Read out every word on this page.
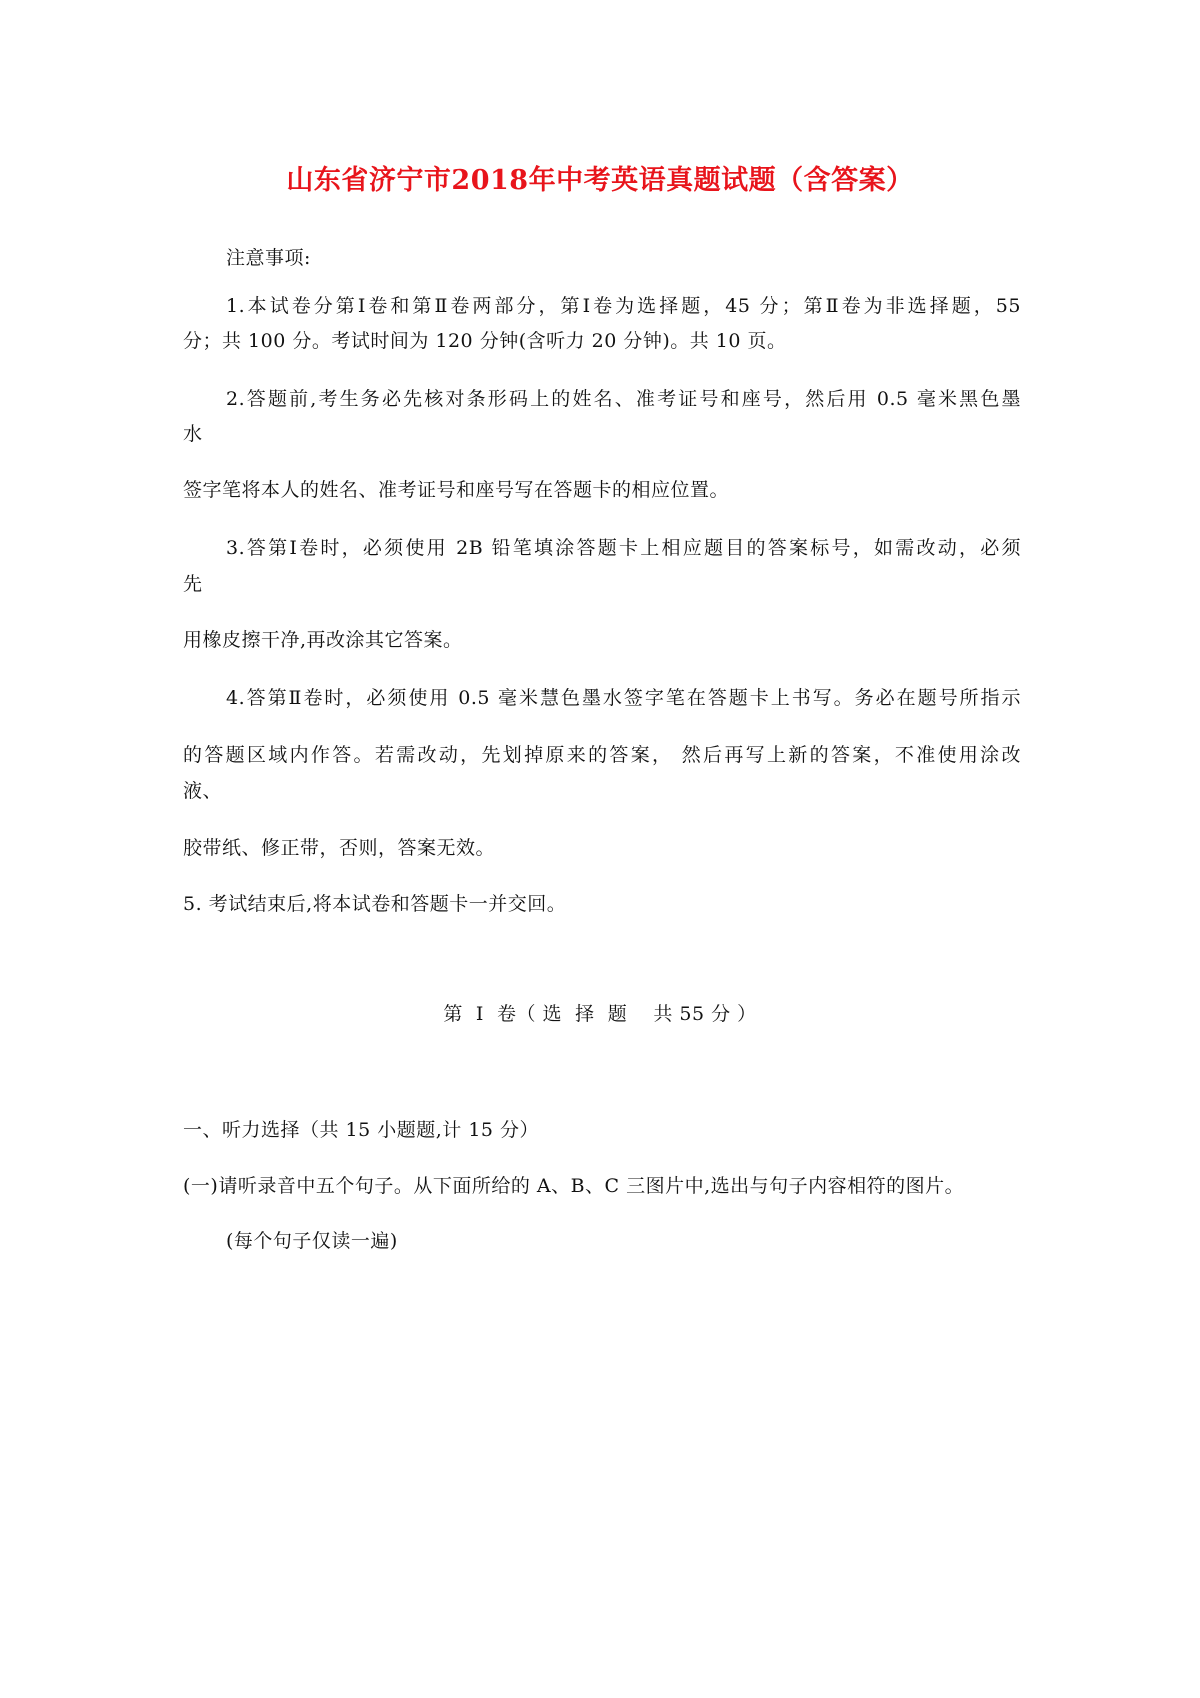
山东省济宁市2018年中考英语真题试题（含答案）
注意事项:
1.本试卷分第Ⅰ卷和第Ⅱ卷两部分，第Ⅰ卷为选择题，45 分；第Ⅱ卷为非选择题，55
分；共 100 分。考试时间为 120 分钟(含听力 20 分钟)。共 10 页。
2.答题前,考生务必先核对条形码上的姓名、准考证号和座号，然后用 0.5 毫米黑色墨
水
签字笔将本人的姓名、准考证号和座号写在答题卡的相应位置。
3.答第Ⅰ卷时，必须使用 2B 铅笔填涂答题卡上相应题目的答案标号，如需改动，必须
先
用橡皮擦干净,再改涂其它答案。
4.答第Ⅱ卷时，必须使用 0.5 毫米慧色墨水签字笔在答题卡上书写。务必在题号所指示
的答题区域内作答。若需改动，先划掉原来的答案， 然后再写上新的答案，不准使用涂改
液、
胶带纸、修正带，否则，答案无效。
5. 考试结束后,将本试卷和答题卡一并交回。
第  Ⅰ  卷（ 选  择  题    共 55 分 ）
一、听力选择（共 15 小题题,计 15 分）
(一)请听录音中五个句子。从下面所给的 A、B、C 三图片中,选出与句子内容相符的图片。
(每个句子仅读一遍)
